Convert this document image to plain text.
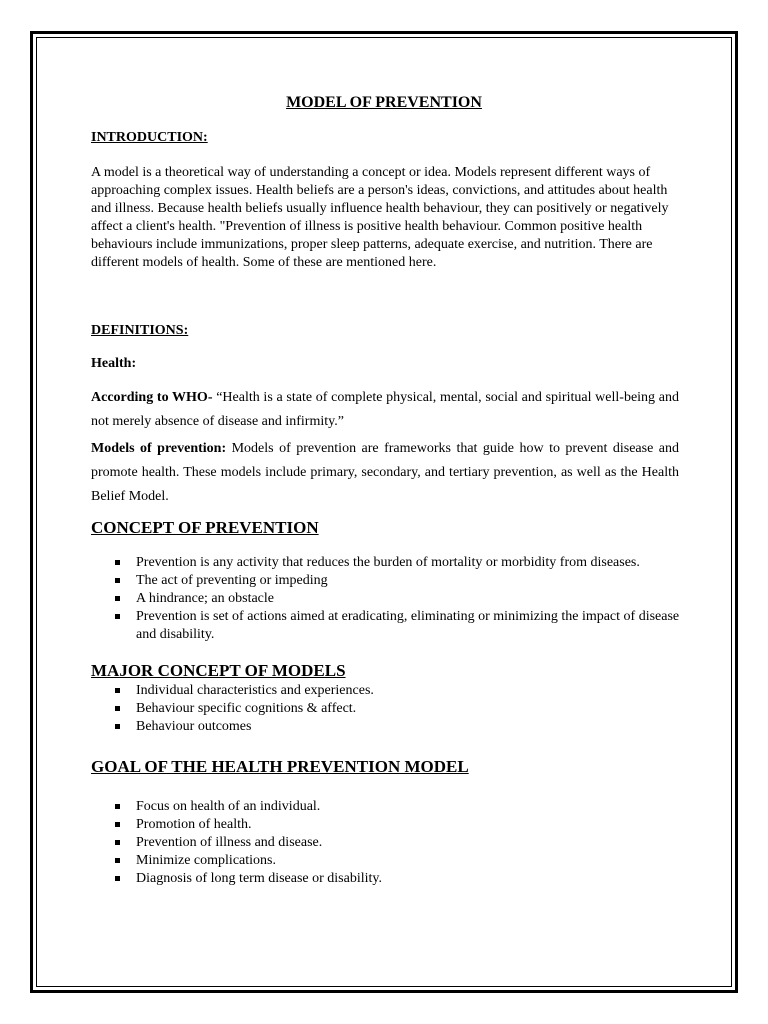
MODEL OF PREVENTION
INTRODUCTION:

A model is a theoretical way of understanding a concept or idea. Models represent different ways of approaching complex issues. Health beliefs are a person's ideas, convictions, and attitudes about health and illness. Because health beliefs usually influence health behaviour, they can positively or negatively affect a client's health. "Prevention of illness is positive health behaviour. Common positive health behaviours include immunizations, proper sleep patterns, adequate exercise, and nutrition. There are different models of health. Some of these are mentioned here.

DEFINITIONS:
Health:

According to WHO- “Health is a state of complete physical, mental, social and spiritual well-being and not merely absence of disease and infirmity.”

Models of prevention: Models of prevention are frameworks that guide how to prevent disease and promote health. These models include primary, secondary, and tertiary prevention, as well as the Health Belief Model.

CONCEPT OF PREVENTION
Prevention is any activity that reduces the burden of mortality or morbidity from diseases.
The act of preventing or impeding
A hindrance; an obstacle
Prevention is set of actions aimed at eradicating, eliminating or minimizing the impact of disease and disability.
MAJOR CONCEPT OF MODELS
Individual characteristics and experiences.
Behaviour specific cognitions & affect.
Behaviour outcomes
GOAL OF THE HEALTH PREVENTION MODEL
Focus on health of an individual.
Promotion of health.
Prevention of illness and disease.
Minimize complications.
Diagnosis of long term disease or disability.
